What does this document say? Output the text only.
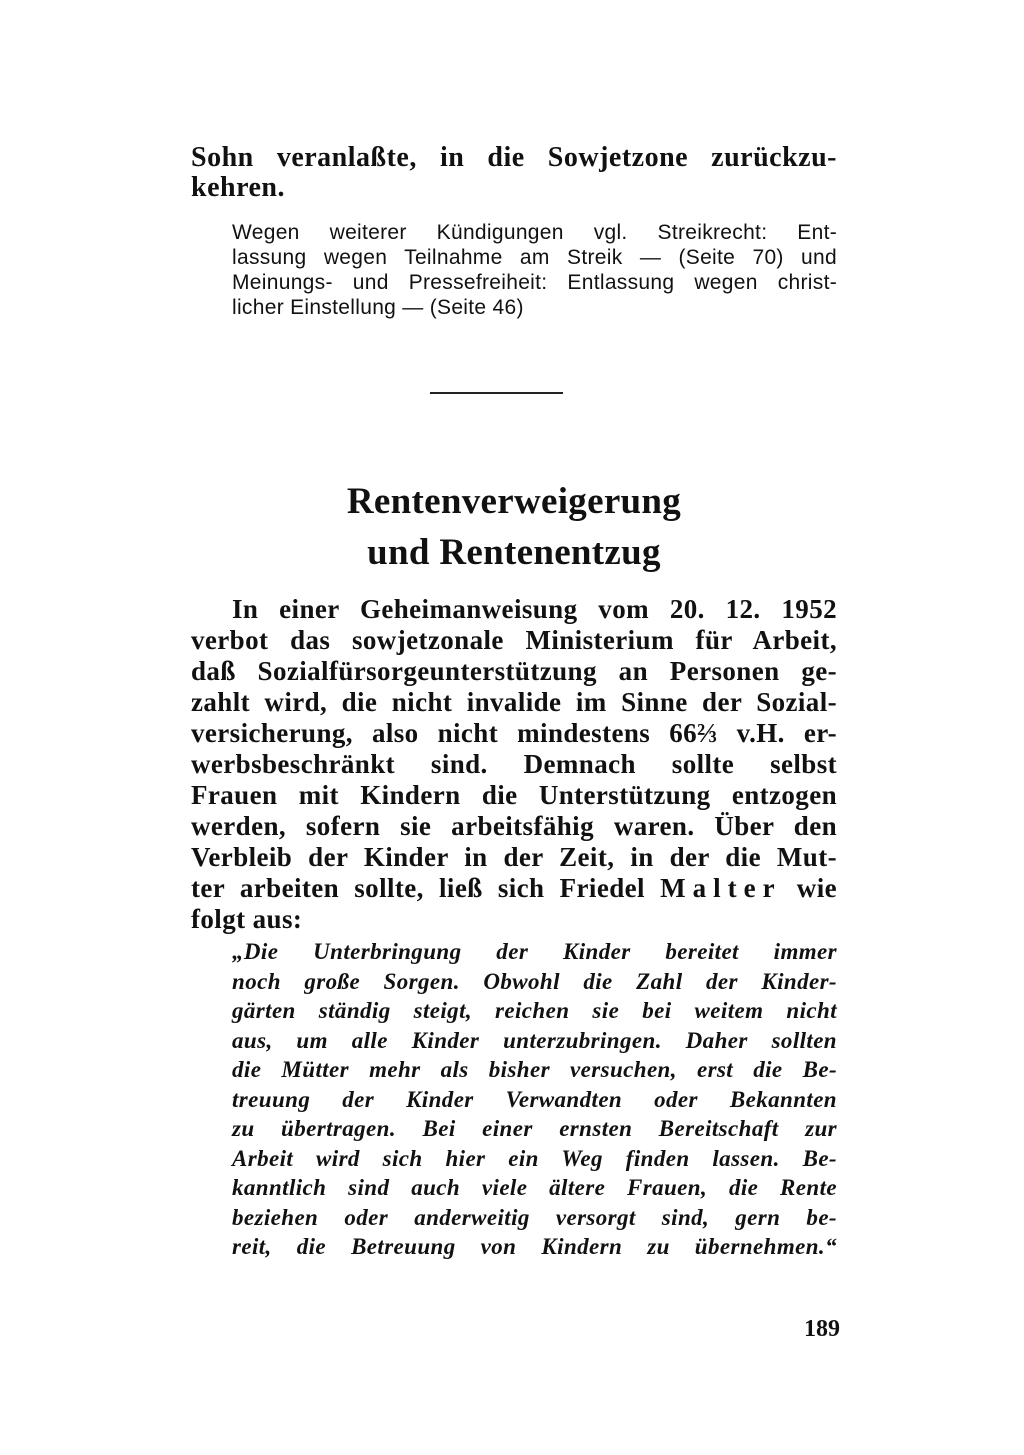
Sohn veranlaßte, in die Sowjetzone zurückzu-

kehren.

Wegen weiterer Kündigungen vgl. Streikrecht: Ent-

lassung wegen Teilnahme am Streik — (Seite 70) und

Meinungs- und Pressefreiheit: Entlassung wegen christ-

licher Einstellung — (Seite 46)

Rentenverweigerung

und Rentenentzug

In einer Geheimanweisung vom 20. 12. 1952

verbot das sowjetzonale Ministerium für Arbeit,

daß Sozialfürsorgeunterstützung an Personen ge-

zahlt wird, die nicht invalide im Sinne der Sozial-

versicherung, also nicht mindestens 66⅔ v.H. er-

werbsbeschränkt sind. Demnach sollte selbst

Frauen mit Kindern die Unterstützung entzogen

werden, sofern sie arbeitsfähig waren. Über den

Verbleib der Kinder in der Zeit, in der die Mut-

ter arbeiten sollte, ließ sich Friedel Malter wie

folgt aus:

„Die Unterbringung der Kinder bereitet immer

noch große Sorgen. Obwohl die Zahl der Kinder-

gärten ständig steigt, reichen sie bei weitem nicht

aus, um alle Kinder unterzubringen. Daher sollten

die Mütter mehr als bisher versuchen, erst die Be-

treuung der Kinder Verwandten oder Bekannten

zu übertragen. Bei einer ernsten Bereitschaft zur

Arbeit wird sich hier ein Weg finden lassen. Be-

kanntlich sind auch viele ältere Frauen, die Rente

beziehen oder anderweitig versorgt sind, gern be-

reit, die Betreuung von Kindern zu übernehmen.“

189
